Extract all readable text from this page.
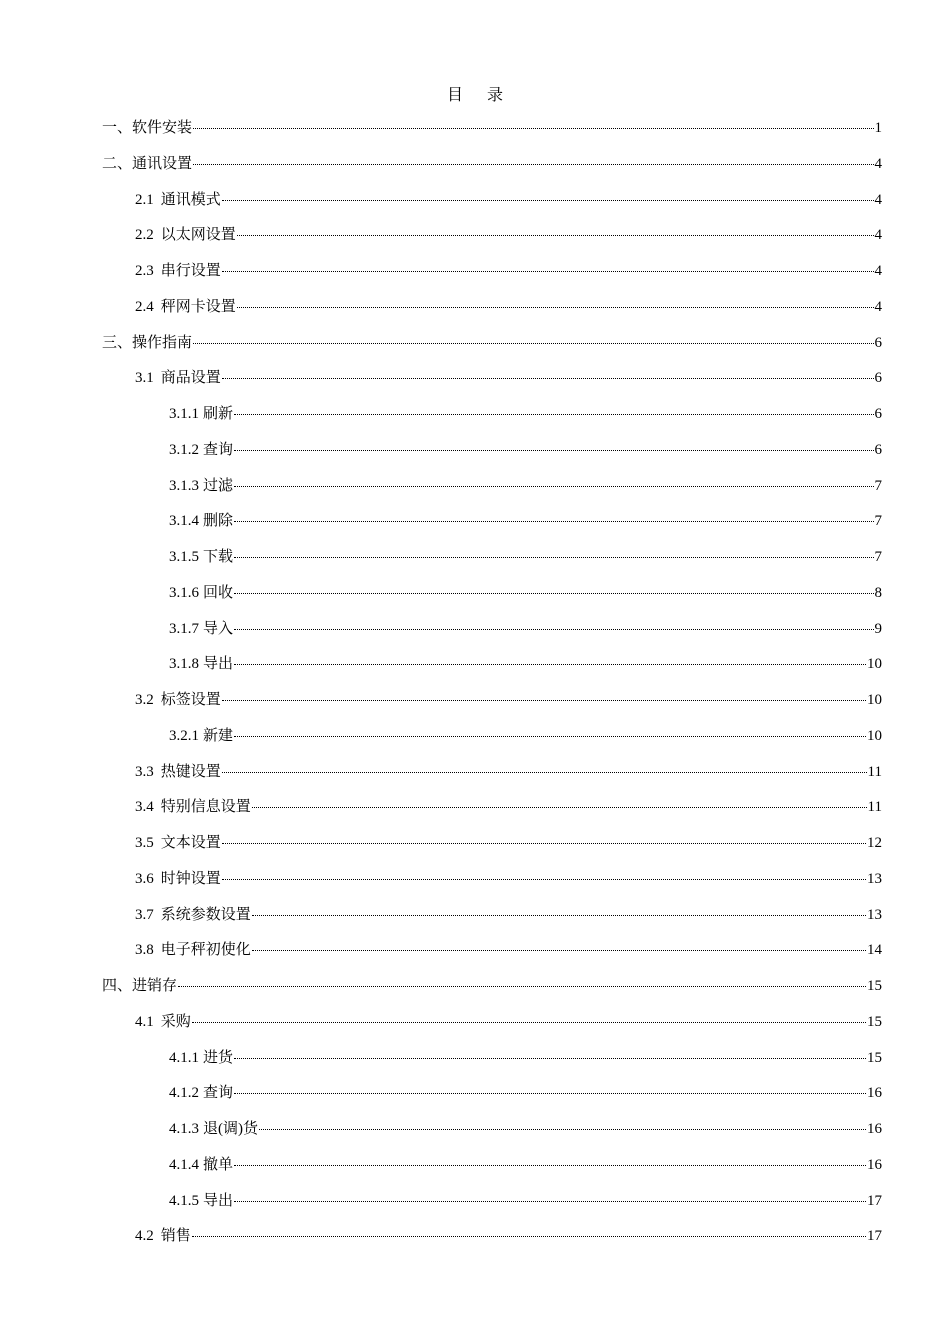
目 录
一、软件安装	1
二、通讯设置	4
2.1 通讯模式	4
2.2 以太网设置	4
2.3 串行设置	4
2.4 秤网卡设置	4
三、操作指南	6
3.1 商品设置	6
3.1.1 刷新	6
3.1.2 查询	6
3.1.3 过滤	7
3.1.4 删除	7
3.1.5 下载	7
3.1.6 回收	8
3.1.7 导入	9
3.1.8 导出	10
3.2 标签设置	10
3.2.1 新建	10
3.3 热键设置	11
3.4 特别信息设置	11
3.5 文本设置	12
3.6 时钟设置	13
3.7 系统参数设置	13
3.8 电子秤初使化	14
四、进销存	15
4.1 采购	15
4.1.1 进货	15
4.1.2 查询	16
4.1.3 退(调)货	16
4.1.4 撤单	16
4.1.5 导出	17
4.2 销售	17
